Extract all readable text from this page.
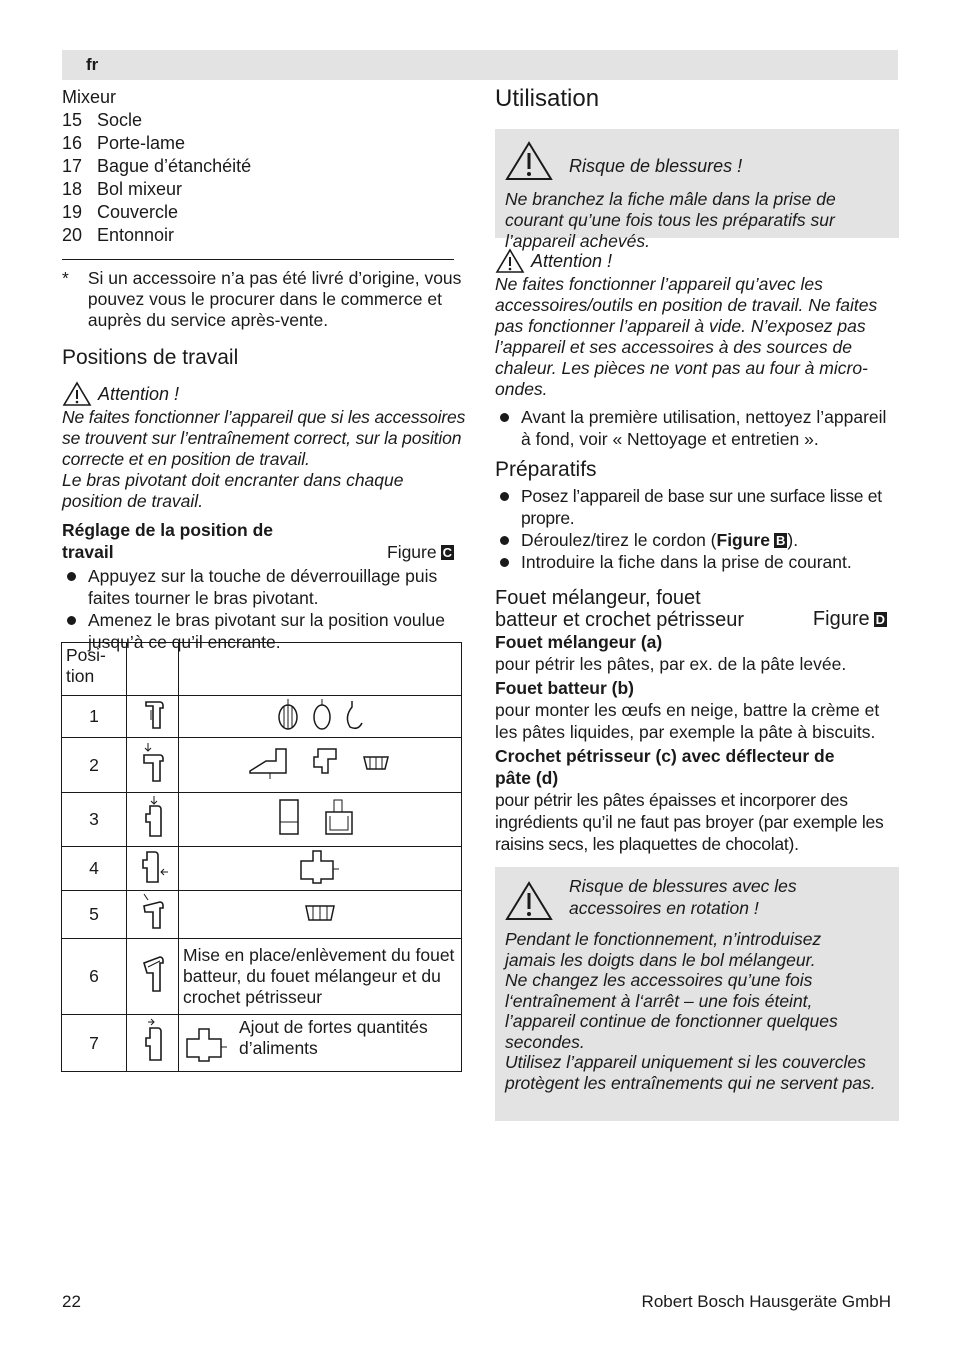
fr

Mixeur

15 Socle
16 Porte-lame
17 Bague d’étanchéité
18 Bol mixeur
19 Couvercle
20 Entonnoir
*	Si un accessoire n’a pas été livré d’origine, vous pouvez vous le procurer dans le commerce et auprès du service après-vente.
Positions de travail
Attention !

Ne faites fonctionner l’appareil que si les accessoires se trouvent sur l’entraînement correct, sur la position correcte et en position de travail.

Le bras pivotant doit encranter dans chaque position de travail.

Réglage de la position de travail	Figure C
Appuyez sur la touche de déverrouillage puis faites tourner le bras pivotant.
Amenez le bras pivotant sur la position voulue jusqu’à ce qu’il encrante.
Posi-tion		
1		
2		
3		
4		
5		
6		Mise en place/enlèvement du fouet batteur, du fouet mélangeur et du crochet pétrisseur
7		Ajout de fortes quantités d’aliments
Utilisation
Risque de blessures !

Ne branchez la fiche mâle dans la prise de courant qu’une fois tous les préparatifs sur l’appareil achevés.

Attention !

Ne faites fonctionner l’appareil qu’avec les accessoires/outils en position de travail. Ne faites pas fonctionner l’appareil à vide. N’exposez pas l’appareil et ses accessoires à des sources de chaleur. Les pièces ne vont pas au four à micro-ondes.

Avant la première utilisation, nettoyez l’appareil à fond, voir « Nettoyage et entretien ».
Préparatifs
Posez l’appareil de base sur une surface lisse et propre.
Déroulez/tirez le cordon (Figure B ).
Introduire la fiche dans la prise de courant.
Fouet mélangeur, fouet batteur et crochet pétrisseur	Figure D

Fouet mélangeur (a)

pour pétrir les pâtes, par ex. de la pâte levée.

Fouet batteur (b)

pour monter les œufs en neige, battre la crème et les pâtes liquides, par exemple la pâte à biscuits.

Crochet pétrisseur (c) avec déflecteur de pâte (d)

pour pétrir les pâtes épaisses et incorporer des ingrédients qu’il ne faut pas broyer (par exemple les raisins secs, les plaquettes de chocolat).

Risque de blessures avec les accessoires en rotation !

Pendant le fonctionnement, n’introduisez jamais les doigts dans le bol mélangeur.

Ne changez les accessoires qu’une fois l‘entraînement à l‘arrêt – une fois éteint, l’appareil continue de fonctionner quelques secondes.

Utilisez l’appareil uniquement si les couvercles protègent les entraînements qui ne servent pas.

22	Robert Bosch Hausgeräte GmbH
